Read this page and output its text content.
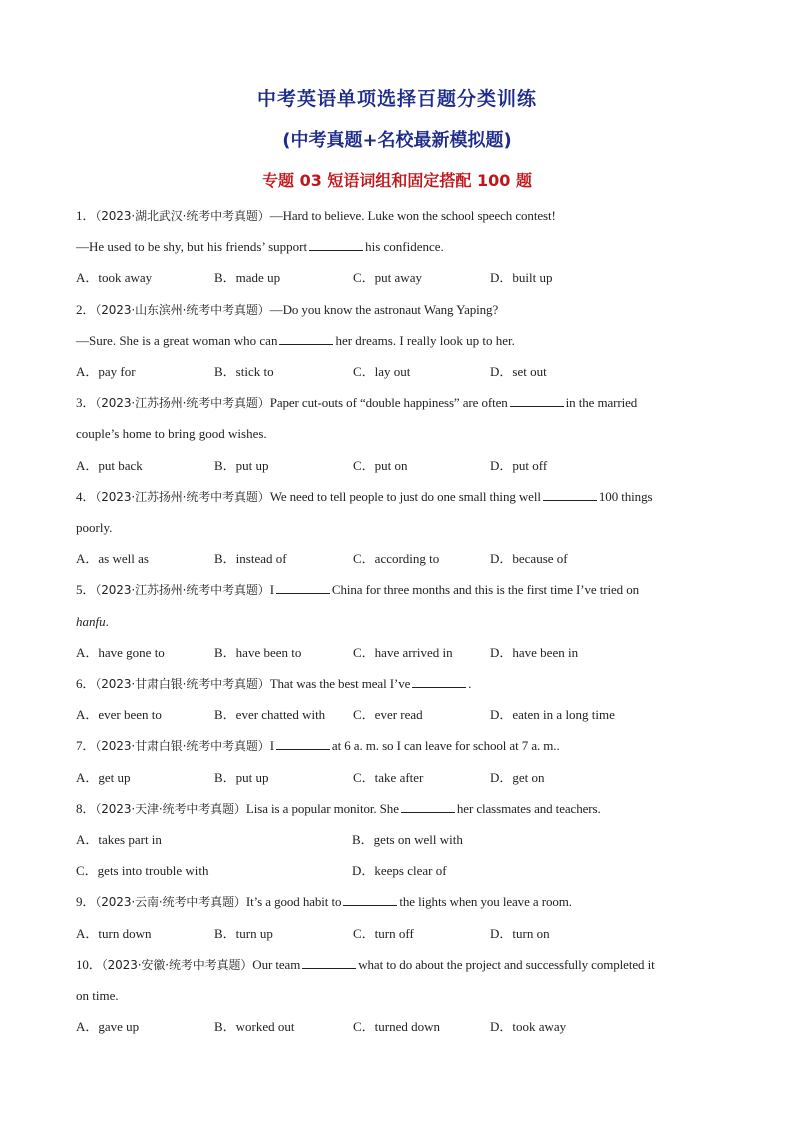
中考英语单项选择百题分类训练
(中考真题+名校最新模拟题)
专题 03 短语词组和固定搭配 100 题
1．（2023·湖北武汉·统考中考真题）—Hard to believe. Luke won the school speech contest!
—He used to be shy, but his friends’ support	his confidence.
A．took away	B．made up	C．put away	D．built up
2．（2023·山东滨州·统考中考真题）—Do you know the astronaut Wang Yaping?
—Sure. She is a great woman who can	her dreams. I really look up to her.
A．pay for	B．stick to	C．lay out	D．set out
3．（2023·江苏扬州·统考中考真题）Paper cut-outs of “double happiness” are often	in the married
couple’s home to bring good wishes.
A．put back	B．put up	C．put on	D．put off
4．（2023·江苏扬州·统考中考真题）We need to tell people to just do one small thing well	100 things
poorly.
A．as well as	B．instead of	C．according to	D．because of
5．（2023·江苏扬州·统考中考真题）I	China for three months and this is the first time I’ve tried on
hanfu.
A．have gone to	B．have been to	C．have arrived in	D．have been in
6．（2023·甘肃白银·统考中考真题）That was the best meal I’ve	.
A．ever been to	B．ever chatted with C．ever read	D．eaten in a long time
7．（2023·甘肃白银·统考中考真题）I	at 6 a. m. so I can leave for school at 7 a. m..
A．get up	B．put up	C．take after	D．get on
8．（2023·天津·统考中考真题）Lisa is a popular monitor. She	her classmates and teachers.
A．takes part in	B．gets on well with
C．gets into trouble with	D．keeps clear of
9．（2023·云南·统考中考真题）It’s a good habit to	the lights when you leave a room.
A．turn down	B．turn up	C．turn off	D．turn on
10．（2023·安徽·统考中考真题）Our team	what to do about the project and successfully completed it
on time.
A．gave up	B．worked out	C．turned down	D．took away
